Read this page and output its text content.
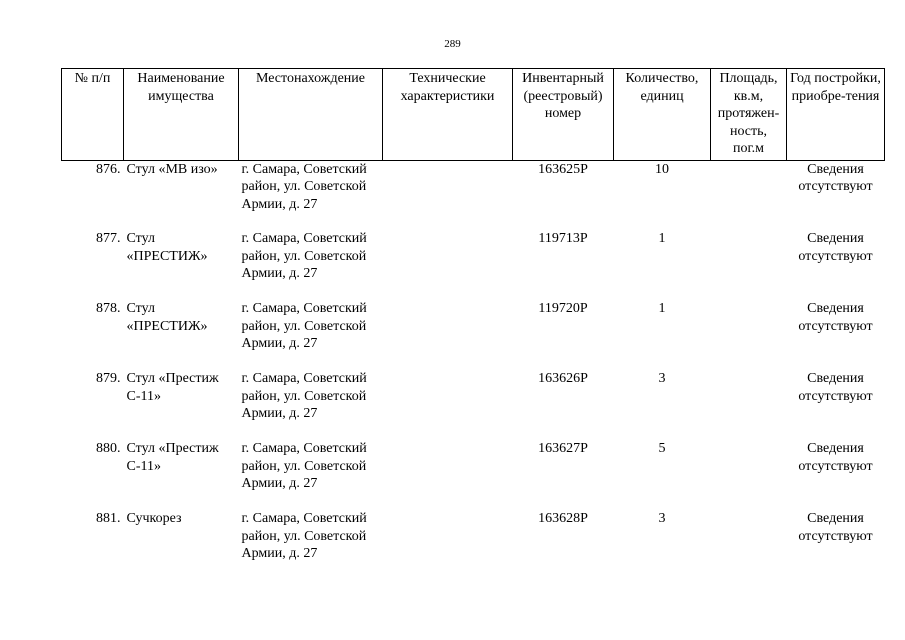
289
№ п/п	Наименование имущества	Местонахождение	Технические характеристики	Инвентарный (реестровый) номер	Количество, единиц	Площадь, кв.м, протяжен-ность, пог.м	Год постройки, приобре-тения
876.	Стул «МВ изо»	г. Самара, Советский район, ул. Советской Армии, д. 27		163625Р	10		Сведения отсутствуют
877.	Стул «ПРЕСТИЖ»	г. Самара, Советский район, ул. Советской Армии, д. 27		119713Р	1		Сведения отсутствуют
878.	Стул «ПРЕСТИЖ»	г. Самара, Советский район, ул. Советской Армии, д. 27		119720Р	1		Сведения отсутствуют
879.	Стул «Престиж С-11»	г. Самара, Советский район, ул. Советской Армии, д. 27		163626Р	3		Сведения отсутствуют
880.	Стул «Престиж С-11»	г. Самара, Советский район, ул. Советской Армии, д. 27		163627Р	5		Сведения отсутствуют
881.	Сучкорез	г. Самара, Советский район, ул. Советской Армии, д. 27		163628Р	3		Сведения отсутствуют
